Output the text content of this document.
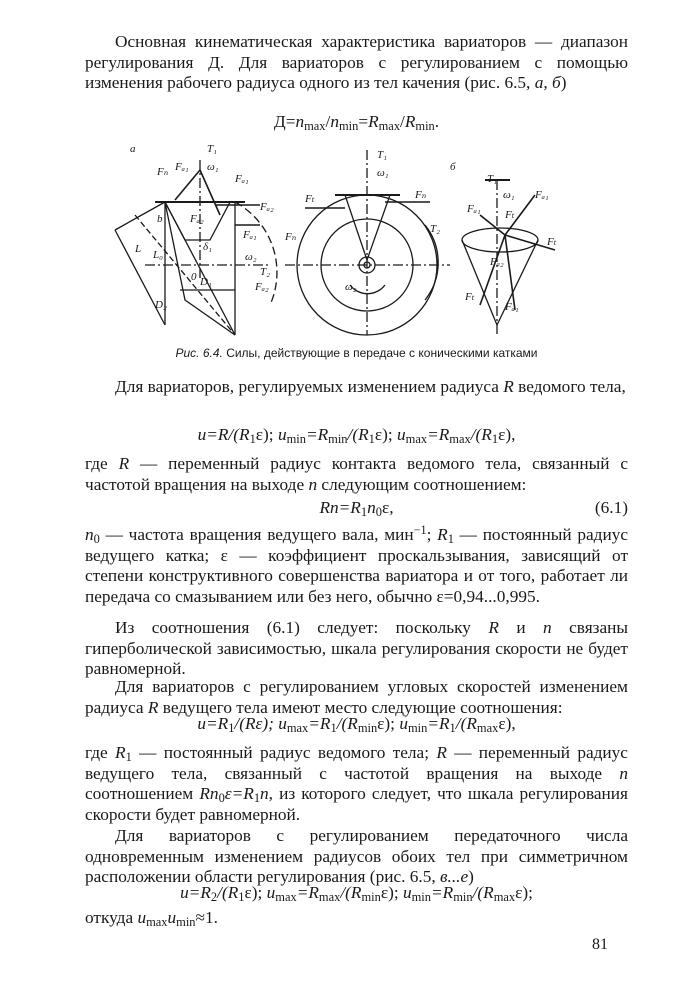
Основная кинематическая характеристика вариаторов — диапазон регулирования Д. Для вариаторов с регулированием с помощью изменения рабочего радиуса одного из тел качения (рис. 6.5, а, б)

$Д=n_{max}/n_{min}=R_{max}/R_{min}$.

а
б
T₁
ω₁
Fₙ Fₐ₁
Fₐ₁
Fₐ₂
Fₐ₂
Fₐ₁	Fₙ
ω₂
T₂
Fₐ₂
b
L L₀
D₁
D₂
δ₁
0
T₁
ω₁
Fₜ	Fₙ
T₂
ω₂
T₁
ω₁ Fₐ₁
Fₐ₁ Fₜ
Fₐ₂
Fₜ
Fₜ
Fₐ₁
Рис. 6.4. Силы, действующие в передаче с коническими катками

Для вариаторов, регулируемых изменением радиуса R ведомого тела,

$u=R/(R_1\varepsilon)$; $u_{min}=R_{min}/(R_1\varepsilon)$; $u_{max}=R_{max}/(R_1\varepsilon)$,

где R — переменный радиус контакта ведомого тела, связанный с частотой вращения на выходе n следующим соотношением:

$Rn=R_1n_0\varepsilon$,	(6.1)

$n_0$ — частота вращения ведущего вала, мин$^{-1}$; $R_1$ — постоянный радиус ведущего катка; ε — коэффициент проскальзывания, зависящий от степени конструктивного совершенства вариатора и от того, работает ли передача со смазыванием или без него, обычно ε=0,94...0,995.

Из соотношения (6.1) следует: поскольку R и n связаны гиперболической зависимостью, шкала регулирования скорости не будет равномерной.

Для вариаторов с регулированием угловых скоростей изменением радиуса R ведущего тела имеют место следующие соотношения:

$u=R_1/(R\varepsilon)$; $u_{max}=R_1/(R_{min}\varepsilon)$; $u_{min}=R_1/(R_{max}\varepsilon)$,

где $R_1$ — постоянный радиус ведомого тела; R — переменный радиус ведущего тела, связанный с частотой вращения на выходе n соотношением $Rn_0\varepsilon=R_1n$, из которого следует, что шкала регулирования скорости будет равномерной.

Для вариаторов с регулированием передаточного числа одновременным изменением радиусов обоих тел при симметричном расположении области регулирования (рис. 6.5, в...е)

$u=R_2/(R_1\varepsilon)$; $u_{max}=R_{max}/(R_{min}\varepsilon)$; $u_{min}=R_{min}/(R_{max}\varepsilon)$;

откуда $u_{max}u_{min}\approx 1$.

81
